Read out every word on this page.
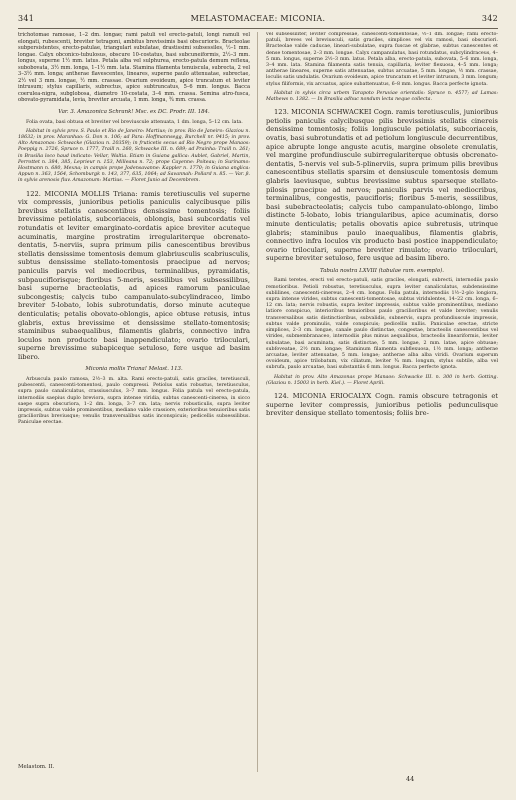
341	MELASTOMACEAE: MICONIA.	342

trichotomae ramosae, 1–2 dm. longae; rami patuli vel erecto-patuli, longi ramuli vel elongati, rubescenti, breviter tetragoni, ambitus brevissimis basi obscurioris. Bracteolae subpersistentes, erecto-patulae, triangulari subulatae, drastissimi subsessiles, ½–1 mm. longae. Calyx obconico-tubulosus, obscure 10-costatus, basi subcuneiformis, 2½–3 mm. longus, superne 1½ mm. latus. Petala alba vel sulphurea, erecto-patula demum reflexa, subobovata, 3½ mm. longa, 1–1½ mm. lata. Stamina filamenta tenuiscula, subrecta, 2 vel 3–3½ mm. longa; antherae flavescentes, lineares, superne paulo attenuatae, subrectae, 2½ vel 3 mm. longae, ½ mm. crassae. Ovarium ovoideum, apice truncatum et leviter intrusum; stylus capillaris, subrectus, apice subtruncatus, 5–6 mm. longus. Bacca coerulea-nigra, subglobosa, diametro 10-costata, 3–4 mm. crassa. Semina atro-fusca, obovato-pyramidata, levia, breviter arcuata, 1 mm. longa, ¾ mm. crassa.

Var. 3. Amazonica Schrank! Msc. ex DC. Prodr. III. 184.

Folia ovata, basi obtusa et breviter vel breviuscule attenuata, 1 dm. longa, 5–12 cm. lata.

Habitat in sylvis prov. S. Paulo et Rio de Janeiro: Martius; in prov. Rio de Janeiro: Glaziou n. 18632; in prov. Maranhao: G. Don n. 106; ad Para: Hoffmannsegg, Burchell nr. 9415; in prov. Alto Amazonas: Schwacke (Glaziou n. 20359); in fruticetis secus ad Rio Negro prope Manaos: Poeppig n. 2726, Spruce n. 1777, Traill n. 260, Schwacke III. n. 689; ad Prainha: Traill n. 261; in Brasilia loco haud indicato: Vellar, Waltia. Etiam in Guiana gallica: Aublet, Gabriel, Martin, Perrottet n. 384, 385, Leprieur n. 153, Milleana n. 72; prope Cayenne: Poiteau; in Surinamo: Hostmann n. 680, Mexna; in campis prope Jodensavanne: Kappler n. 1770; in Guiana anglica: Appun n. 363, 1564, Schomburgk n. 143, 377, 635, 1064; ad Savannah: Pollard n. 85. — Var. β. in sylvis arenosis fluv. Amazonum: Martius. — Floret Junio ad Decembrem.

122. MICONIA MOLLIS Triana: ramis teretiusculis vel superne vix compressis, junioribus petiolis paniculis calycibusque pilis brevibus stellatis canescentibus densissime tomentosis; foliis brevissime petiolatis, subcoriaceis, oblongis, basi subcordatis vel rotundatis et leviter emarginato-cordatis apice breviter acuteque acuminatis, margine prostratim irregulariterque obcrenato-dentatis, 5-nerviis, supra primum pilis canescentibus brevibus stellatis densissime tomentosis demum glabriusculis scabriusculis, subtus densissime stellato-tomentosis praecipue ad nervos; paniculis parvis vel mediocribus, terminalibus, pyramidatis, subpauciflorisque; floribus 5-meris, sessilibus vel subsessilibus, basi superne bracteolatis, ad apices ramorum paniculae subcongestis; calycis tubo campanulato-subcylindraceo, limbo breviter 5-lobato, lobis subrotundatis, dorso minute acuteque denticulatis; petalis obovato-oblongis, apice obtuse retusis, intus glabris, extus brevissime et densissime stellato-tomentosis; staminibus subaequalibus, filamentis glabris, connectivo infra loculos non producto basi inappendiculato; ovario triloculari, superne brevissime subapiceque setuloso, fere usque ad basim libero.

Miconia mollis Triana! Melast. 113.

Arbuscula paulo ramosa, 2½–3 m. alta. Rami erecto-patuli, satis graciles, teretiusculi, pubescenti, canescenti-tomentosi, paulo compressi. Petiolus satis robustus, teretiusculus, supra paulo canaliculatus, crassiusculus, 3–7 mm. longus. Folia patula vel erecto-patula, internodiis saepius duplo breviora, supra intense viridia, subtus canescenti-cinerea, in sicco saepe supra obscuriora, 1–2 dm. longa, 3–7 cm. lata; nervis robusticulis, supra leviter impressis, subtus valde prominentibus, mediano valde crassiore, exterioribus tenuioribus satis gracilioribus breviusque; venulis transversalibus satis inconspicuis; pedicellis subsessilibus. Paniculae erectae.

Melastom. II.

vel subsessiliter, leviter compressae, canescenti-tomentosae, ½–1 dm. longae; rami erecto-patuli, breves vel breviusculi, satis graciles, simplices vel vix ramosi, basi obscuriori. Bracteolae valde caducae, lineari-subulatae, supra fuscae et glabrae, subtus canescentes et dense tomentosae, 2–3 mm. longae. Calyx campanulatus, basi rotundatus, subcylindraceus, 4–5 mm. longus, superne 2½–3 mm. latus. Petala alba, erecto-patula, subovata, 5–6 mm. longa, 3–4 mm. lata. Stamina filamenta satis tenuia, capillaria, leviter flexuosa, 4–5 mm. longa; antherae lineares, superne satis attenuatae, subtus arcuatae, 5 mm. longae, ½ mm. crassae, loculis satis undulatis. Ovarium ovoideum, apice truncatum et leviter intrusum, 3 mm. longum; stylus filiformis, vix arcuatus, apice subattenuatus, 6–8 mm. longus. Bacca perfecte ignota.

Habitat in sylvis circa urbem Tarapoto Peruviae orientalis: Spruce n. 4577; ad Lamas: Mathews n. 1382. — In Brasilia adhuc nondum lecta neque collecta.

123. MICONIA SCHWACKEI Cogn. ramis teretiusculis, junioribus petiolis paniculis calycibusque pilis brevissimis stellatis cinereis densissime tomentosis; foliis longiuscule petiolatis, subcoriaceis, ovatis, basi subrotundatis et ad petiolum longiuscule decurrentibus, apice abrupte longe anguste acutis, margine obsolete crenulatis, vel margine profundiuscule subirregulariterque obtusis obcrenato-dentatis, 5-nervis vel sub-5-plinerviis, supra primum pilis brevibus canescentibus stellatis sparsim et densiuscule tomentosis demum glabris laeviusque, subtus brevissime subtus sparseque stellato-pilosis praecipue ad nervos; paniculis parvis vel mediocribus, terminalibus, congestis, paucifloris; floribus 5-meris, sessilibus, basi subebracteolatis; calycis tubo campanulato-oblongo, limbo distincte 5-lobato, lobis triangularibus, apice acuminatis, dorso minute denticulatis; petalis obovatis apice subretusis, utrinque glabris; staminibus paulo inaequalibus, filamentis glabris, connectivo infra loculos vix producto basi postice inappendiculato; ovario triloculari, superne breviter rimulato; ovario triloculari, superne breviter setuloso, fere usque ad basim libero.

Tabula nostra LXVIII (tabulae ram. exemplo).

Rami teretes, erecti vel erecto-patuli, satis graciles, elongati, subrecti, internodiis paulo remotioribus. Petioli robustus, teretiusculus, supra leviter canaliculatus, subdensissime sublilines, canescenti-cinereus, 2–4 cm. longus. Folia patula, internodiis 1½–2-plo longiora, supra intense virides, subtus canescenti-tomentosae, subtus viridulentes, 14–22 cm. longa, 6–12 cm. lata; nervis robustis, supra leviter impressis, subtus valde prominentibus, mediano latiore conspicuo, interioribus tenuioribus paulo gracilioribus et valde breviter; venulis transversalibus satis distinctioribus, subvalidis, subnervis, supra profundiuscule impressis, subtus valde prominulis, valde conspicuis; pedicellis nullis. Paniculae erectae, stricte simplices, 2–3 cm. longae, canale paulo distinctae, congestae, bracteolis canescentibus vel virides, submembranaceo, internodiis plus minus aequalibus, bracteolis lineariformis, leviter subulatae, basi acuminata, satis distinctae, 5 mm. longae, 2 mm. latae, apice obtusae; subfoveatae, 2½ mm. longae; Staminum filamenta subflexuosa, 1½ mm. longa; antherae arcuatae, leviter attenuatae, 5 mm. longae; antherae alba alba viridi. Ovarium superum ovoideum, apice trilobatum, vix ciliatum, leviter ¾ mm. longum, stylus subtile, alba vel subrufa, paulo arcuatae, basi substantiis 6 mm. longus. Bacca perfecte ignota.

Habitat in prov. Alto Amazonas prope Manaos: Schwacke III. n. 300 in herb. Gotting. (Glaziou n. 15003 in herb. Kiel.). — Floret Aprili.

124. MICONIA ERIOCALYX Cogn. ramis obscure tetragonis et superne leviter compressis, junioribus petiolis pedunculisque breviter densique stellato tomentosis; foliis bre-

44
